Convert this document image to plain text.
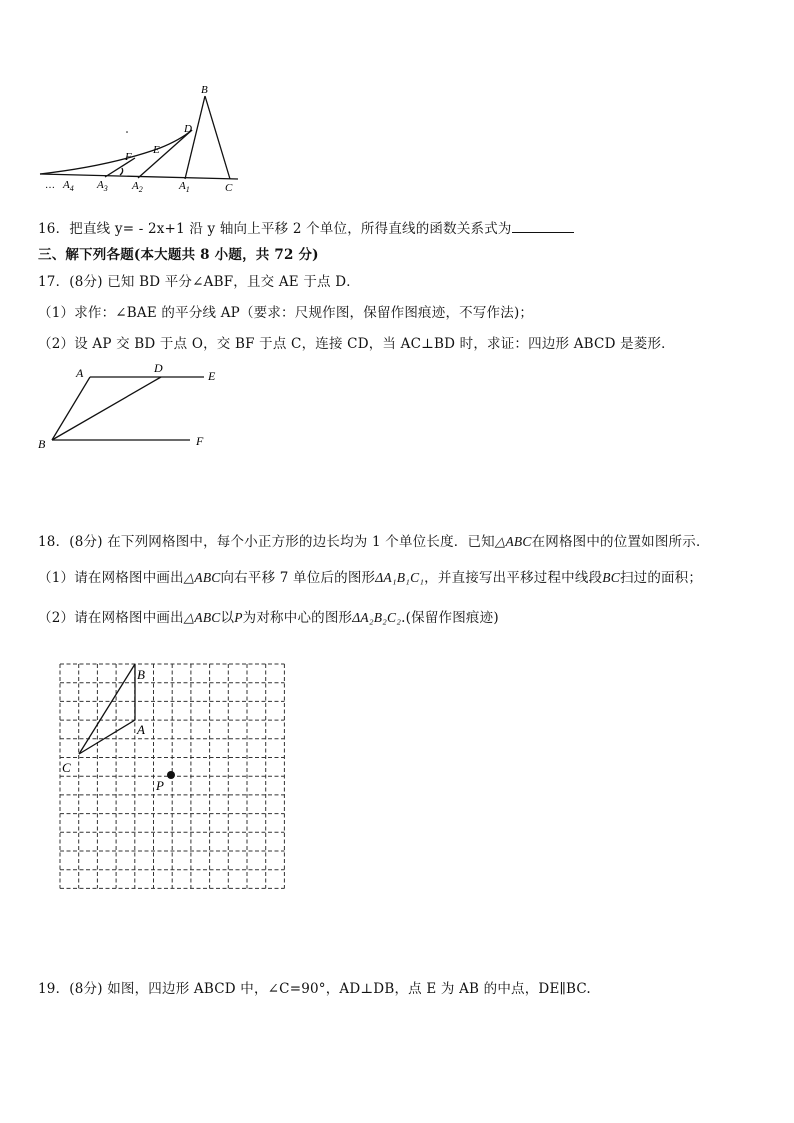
B
D
E
F
… $A_4$ $A_3$ $A_2$	$A_1$	C
16．把直线 y= - 2x+1 沿 y 轴向上平移 2 个单位，所得直线的函数关系式为
三、解下列各题(本大题共 8 小题，共 72 分)
17．(8分) 已知 BD 平分∠ABF，且交 AE 于点 D．
（1）求作：∠BAE 的平分线 AP（要求：尺规作图，保留作图痕迹，不写作法)；
（2）设 AP 交 BD 于点 O，交 BF 于点 C，连接 CD，当 AC⊥BD 时，求证：四边形 ABCD 是菱形．
A	D
E
B	F
18．(8分) 在下列网格图中，每个小正方形的边长均为 1 个单位长度．已知△ABC在网格图中的位置如图所示．
（1）请在网格图中画出△ABC向右平移 7 单位后的图形ΔA₁B₁C₁，并直接写出平移过程中线段BC扫过的面积；
（2）请在网格图中画出△ABC以P为对称中心的图形ΔA₂B₂C₂.(保留作图痕迹)
B
A
C
P
19．(8分) 如图，四边形 ABCD 中，∠C=90°，AD⊥DB，点 E 为 AB 的中点，DE∥BC.
